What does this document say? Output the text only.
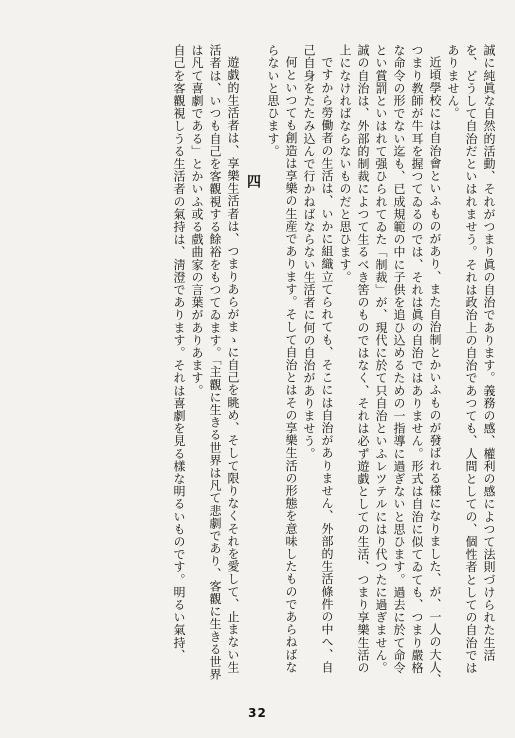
誠に純眞な自然的活動、それがつまり眞の自治であります。義務の感、權利の感によつて法則づけられた生活
を、どうして自治だといはれませう。それは政治上の自治であつても、人間としての、個性者としての自治では
ありません。
近頃學校には自治會といふものがあり、また自治制とかいふものが發ばれる樣になりました、が、一人の大人、
つまり教師が牛耳を握つてゐるのでは、それは眞の自治ではありません。形式は自治に似てゐても、つまり嚴格
な命令の形でない迄も、已成規範の中に子供を追ひ込めるための一指導に過ぎないと思ひます。過去に於て命令
とい賞罰といはれて强ひられてゐた「制裁」が、現代に於て只自治といふレツテルにはり代つたに過ぎません。
誠の自治は、外部的制裁によつて生るべき筈のものではなく、それは必ず遊戯としての生活、つまり享樂生活の
上になければならないものだと思ひます。
ですから勞働者の生活は、いかに組織立てられても、そこには自治がありません、外部的生活條件の中へ、自
己自身をたたみ込んで行かねばならない生活者に何の自治がありませう。
何といつても創造は享樂の生産であります。そして自治とはその享樂生活の形態を意味したものであらねばな
らないと思ひます。
四
遊戯的生活者は、享樂生活者は、つまりあらがまゝに自己を眺め、そして限りなくそれを愛して、止まない生
活者は、いつも自己を客觀視する餘裕をもつてゐます。「主觀に生きる世界は凡て悲劇であり、客觀に生きる世界
は凡て喜劇である」とかいふ或る戲曲家の言葉がありあます。
自己を客觀視しうる生活者の氣持は、淸澄であります。それは喜劇を見る樣な明るいものです。明るい氣持、
32
